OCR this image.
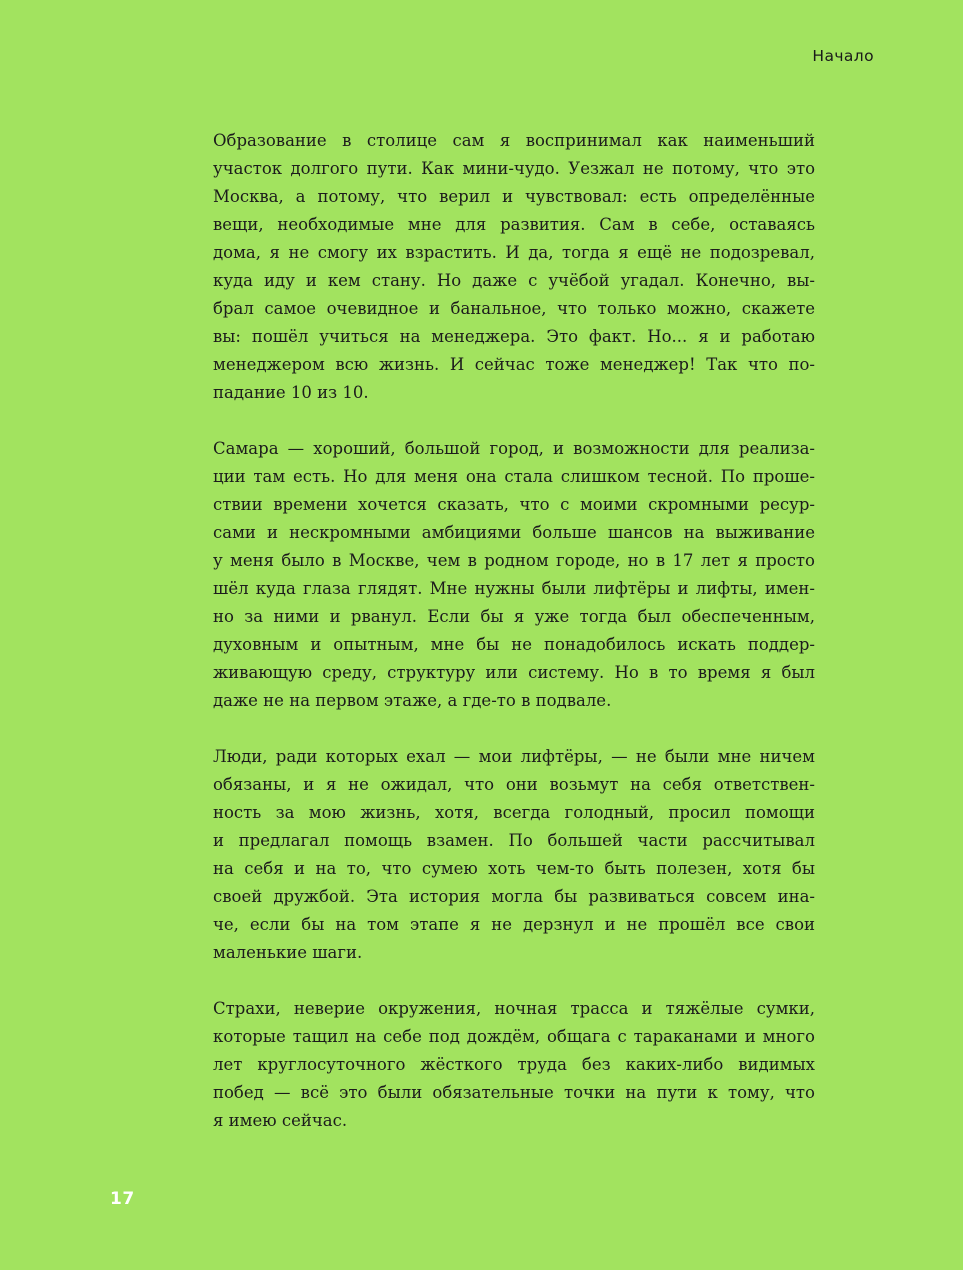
Начало

Образование в столице сам я воспринимал как наименьший
участок долгого пути. Как мини-чудо. Уезжал не потому, что это
Москва, а потому, что верил и чувствовал: есть определённые
вещи, необходимые мне для развития. Сам в себе, оставаясь
дома, я не смогу их взрастить. И да, тогда я ещё не подозревал,
куда иду и кем стану. Но даже с учёбой угадал. Конечно, вы-
брал самое очевидное и банальное, что только можно, скажете
вы: пошёл учиться на менеджера. Это факт. Но... я и работаю
менеджером всю жизнь. И сейчас тоже менеджер! Так что по-
падание 10 из 10.

Самара — хороший, большой город, и возможности для реализа-
ции там есть. Но для меня она стала слишком тесной. По проше-
ствии времени хочется сказать, что с моими скромными ресур-
сами и нескромными амбициями больше шансов на выживание
у меня было в Москве, чем в родном городе, но в 17 лет я просто
шёл куда глаза глядят. Мне нужны были лифтёры и лифты, имен-
но за ними и рванул. Если бы я уже тогда был обеспеченным,
духовным и опытным, мне бы не понадобилось искать поддер-
живающую среду, структуру или систему. Но в то время я был
даже не на первом этаже, а где-то в подвале.

Люди, ради которых ехал — мои лифтёры, — не были мне ничем
обязаны, и я не ожидал, что они возьмут на себя ответствен-
ность за мою жизнь, хотя, всегда голодный, просил помощи
и предлагал помощь взамен. По большей части рассчитывал
на себя и на то, что сумею хоть чем-то быть полезен, хотя бы
своей дружбой. Эта история могла бы развиваться совсем ина-
че, если бы на том этапе я не дерзнул и не прошёл все свои
маленькие шаги.

Страхи, неверие окружения, ночная трасса и тяжёлые сумки,
которые тащил на себе под дождём, общага с тараканами и много
лет круглосуточного жёсткого труда без каких-либо видимых
побед — всё это были обязательные точки на пути к тому, что
я имею сейчас.

17
